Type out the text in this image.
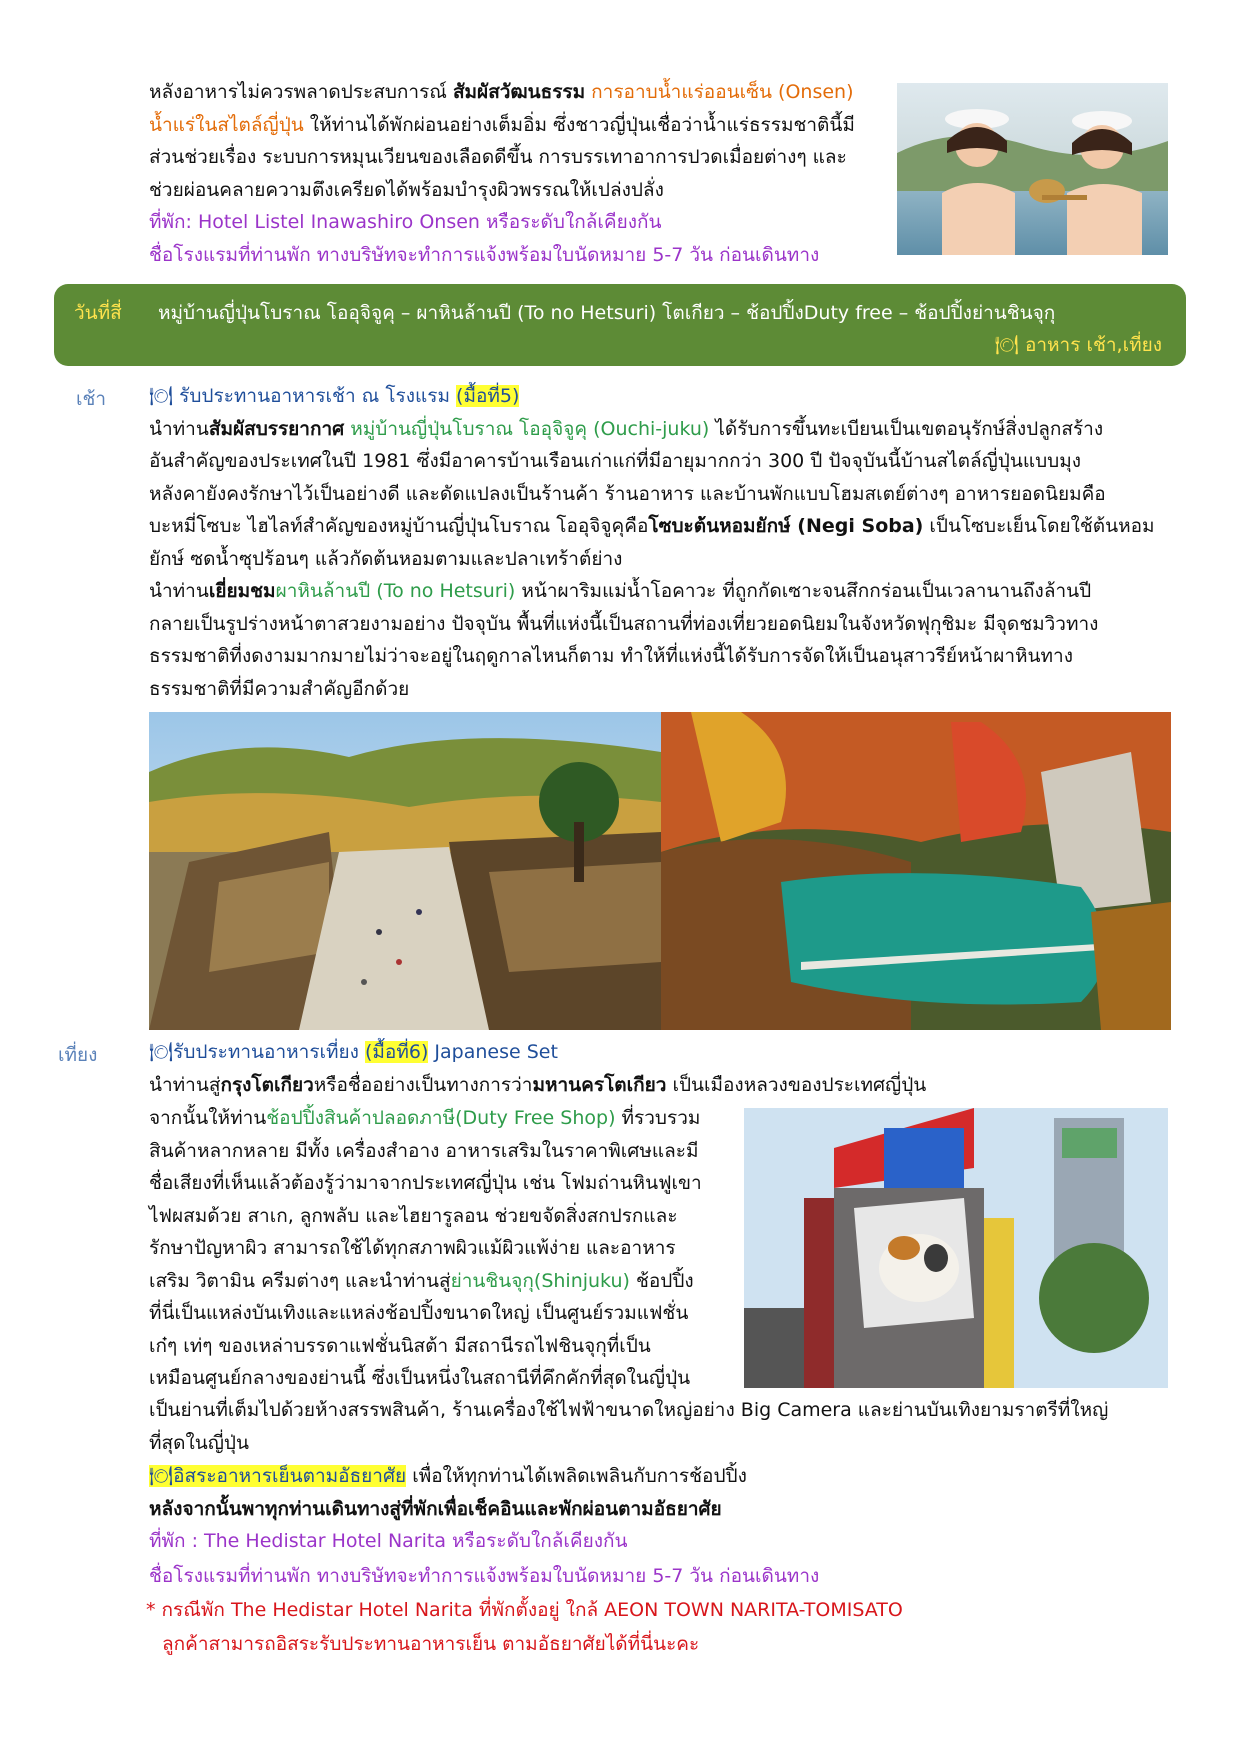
หลังอาหารไม่ควรพลาดประสบการณ์ สัมผัสวัฒนธรรม การอาบน้ำแร่ออนเซ็น (Onsen)
น้ำแร่ในสไตล์ญี่ปุ่น ให้ท่านได้พักผ่อนอย่างเต็มอิ่ม ซึ่งชาวญี่ปุ่นเชื่อว่าน้ำแร่ธรรมชาตินี้มี
ส่วนช่วยเรื่อง ระบบการหมุนเวียนของเลือดดีขึ้น การบรรเทาอาการปวดเมื่อยต่างๆ และ
ช่วยผ่อนคลายความตึงเครียดได้พร้อมบำรุงผิวพรรณให้เปล่งปลั่ง
ที่พัก: Hotel Listel Inawashiro Onsen หรือระดับใกล้เคียงกัน
ชื่อโรงแรมที่ท่านพัก ทางบริษัทจะทำการแจ้งพร้อมใบนัดหมาย 5-7 วัน ก่อนเดินทาง
วันที่สี่ หมู่บ้านญี่ปุ่นโบราณ โออุจิจูคุ – ผาหินล้านปี (To no Hetsuri) โตเกียว – ช้อปปิ้งDuty free – ช้อปปิ้งย่านชินจุกุ
🍽 อาหาร เช้า,เที่ยง
เช้า 🍽 รับประทานอาหารเช้า ณ โรงแรม (มื้อที่5)
นำท่านสัมผัสบรรยากาศ หมู่บ้านญี่ปุ่นโบราณ โออุจิจูคุ (Ouchi-juku) ได้รับการขึ้นทะเบียนเป็นเขตอนุรักษ์สิ่งปลูกสร้าง
อันสำคัญของประเทศในปี 1981 ซึ่งมีอาคารบ้านเรือนเก่าแก่ที่มีอายุมากกว่า 300 ปี ปัจจุบันนี้บ้านสไตล์ญี่ปุ่นแบบมุง
หลังคายังคงรักษาไว้เป็นอย่างดี และดัดแปลงเป็นร้านค้า ร้านอาหาร และบ้านพักแบบโฮมสเตย์ต่างๆ อาหารยอดนิยมคือ
บะหมี่โซบะ ไฮไลท์สำคัญของหมู่บ้านญี่ปุ่นโบราณ โออุจิจูคุคือโซบะต้นหอมยักษ์ (Negi Soba) เป็นโซบะเย็นโดยใช้ต้นหอม
ยักษ์ ซดน้ำซุปร้อนๆ แล้วกัดต้นหอมตามและปลาเทร้าต์ย่าง
นำท่านเยี่ยมชมผาหินล้านปี (To no Hetsuri) หน้าผาริมแม่น้ำโอคาวะ ที่ถูกกัดเซาะจนสึกกร่อนเป็นเวลานานถึงล้านปี
กลายเป็นรูปร่างหน้าตาสวยงามอย่าง ปัจจุบัน พื้นที่แห่งนี้เป็นสถานที่ท่องเที่ยวยอดนิยมในจังหวัดฟุกุชิมะ มีจุดชมวิวทาง
ธรรมชาติที่งดงามมากมายไม่ว่าจะอยู่ในฤดูกาลไหนก็ตาม ทำให้ที่แห่งนี้ได้รับการจัดให้เป็นอนุสาวรีย์หน้าผาหินทาง
ธรรมชาติที่มีความสำคัญอีกด้วย
เที่ยง	🍽รับประทานอาหารเที่ยง (มื้อที่6) Japanese Set
นำท่านสู่กรุงโตเกียวหรือชื่ออย่างเป็นทางการว่ามหานครโตเกียว เป็นเมืองหลวงของประเทศญี่ปุ่น
จากนั้นให้ท่านช้อปปิ้งสินค้าปลอดภาษี(Duty Free Shop) ที่รวบรวม
สินค้าหลากหลาย มีทั้ง เครื่องสำอาง อาหารเสริมในราคาพิเศษและมี
ชื่อเสียงที่เห็นแล้วต้องรู้ว่ามาจากประเทศญี่ปุ่น เช่น โฟมถ่านหินฟูเขา
ไฟผสมด้วย สาเก, ลูกพลับ และไฮยารูลอน ช่วยขจัดสิ่งสกปรกและ
รักษาปัญหาผิว สามารถใช้ได้ทุกสภาพผิวแม้ผิวแพ้ง่าย และอาหาร
เสริม วิตามิน ครีมต่างๆ และนำท่านสู่ย่านชินจุกุ(Shinjuku) ช้อปปิ้ง
ที่นี่เป็นแหล่งบันเทิงและแหล่งช้อปปิ้งขนาดใหญ่ เป็นศูนย์รวมแฟชั่น
เก๋ๆ เท่ๆ ของเหล่าบรรดาแฟชั่นนิสต้า มีสถานีรถไฟชินจุกุที่เป็น
เหมือนศูนย์กลางของย่านนี้ ซึ่งเป็นหนึ่งในสถานีที่คึกคักที่สุดในญี่ปุ่น
เป็นย่านที่เต็มไปด้วยห้างสรรพสินค้า, ร้านเครื่องใช้ไฟฟ้าขนาดใหญ่อย่าง Big Camera และย่านบันเทิงยามราตรีที่ใหญ่
ที่สุดในญี่ปุ่น
🍽อิสระอาหารเย็นตามอัธยาศัย เพื่อให้ทุกท่านได้เพลิดเพลินกับการช้อปปิ้ง
หลังจากนั้นพาทุกท่านเดินทางสู่ที่พักเพื่อเช็คอินและพักผ่อนตามอัธยาศัย
ที่พัก : The Hedistar Hotel Narita หรือระดับใกล้เคียงกัน
ชื่อโรงแรมที่ท่านพัก ทางบริษัทจะทำการแจ้งพร้อมใบนัดหมาย 5-7 วัน ก่อนเดินทาง
* กรณีพัก The Hedistar Hotel Narita ที่พักตั้งอยู่ ใกล้ AEON TOWN NARITA-TOMISATO
ลูกค้าสามารถอิสระรับประทานอาหารเย็น ตามอัธยาศัยได้ที่นี่นะคะ
